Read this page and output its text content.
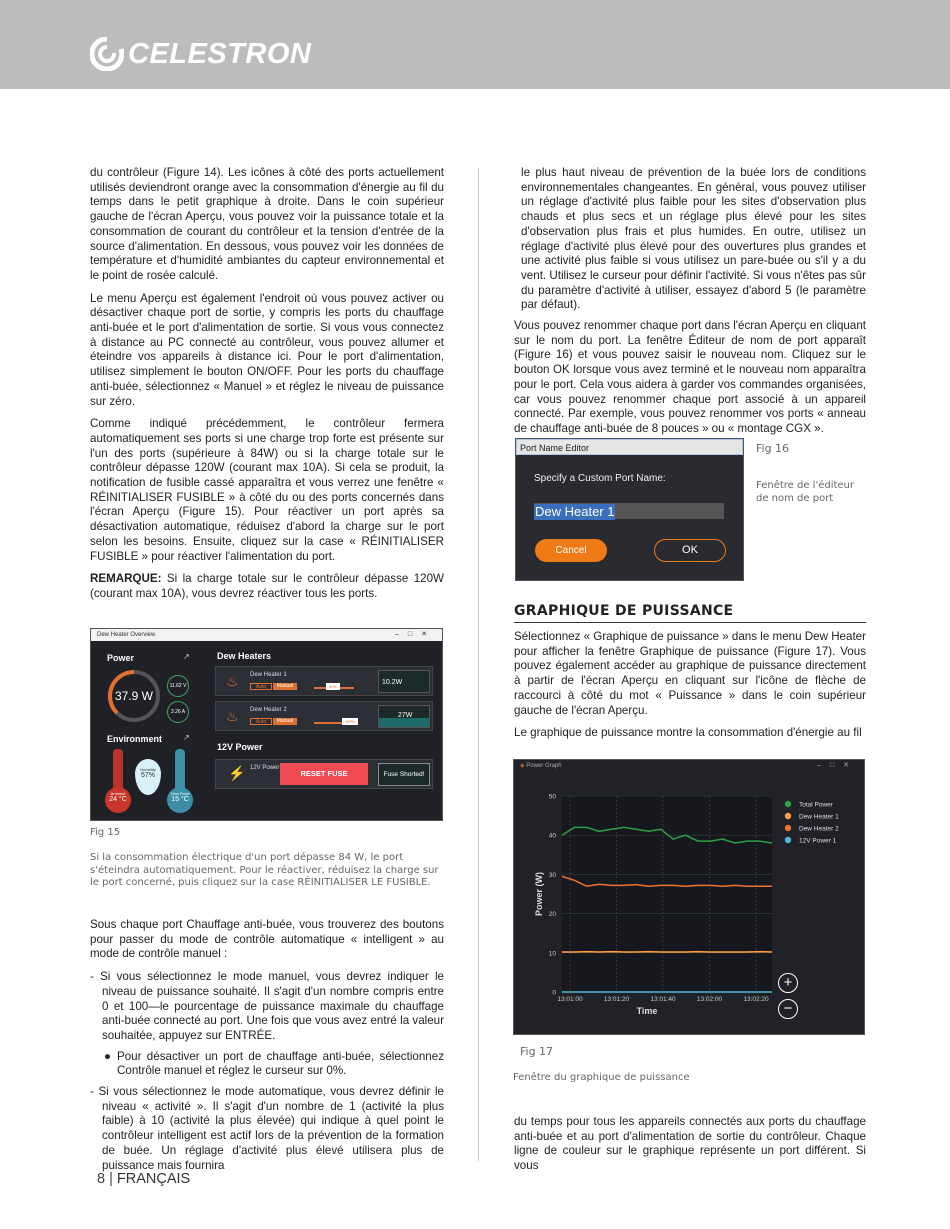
CELESTRON

du contrôleur (Figure 14). Les icônes à côté des ports actuellement utilisés deviendront orange avec la consommation d'énergie au fil du temps dans le petit graphique à droite. Dans le coin supérieur gauche de l'écran Aperçu, vous pouvez voir la puissance totale et la consommation de courant du contrôleur et la tension d'entrée de la source d'alimentation. En dessous, vous pouvez voir les données de température et d'humidité ambiantes du capteur environnemental et le point de rosée calculé.

Le menu Aperçu est également l'endroit où vous pouvez activer ou désactiver chaque port de sortie, y compris les ports du chauffage anti-buée et le port d'alimentation de sortie. Si vous vous connectez à distance au PC connecté au contrôleur, vous pouvez allumer et éteindre vos appareils à distance ici. Pour le port d'alimentation, utilisez simplement le bouton ON/OFF. Pour les ports du chauffage anti-buée, sélectionnez « Manuel » et réglez le niveau de puissance sur zéro.

Comme indiqué précédemment, le contrôleur fermera automatiquement ses ports si une charge trop forte est présente sur l'un des ports (supérieure à 84W) ou si la charge totale sur le contrôleur dépasse 120W (courant max 10A). Si cela se produit, la notification de fusible cassé apparaîtra et vous verrez une fenêtre « RÉINITIALISER FUSIBLE » à côté du ou des ports concernés dans l'écran Aperçu (Figure 15). Pour réactiver un port après sa désactivation automatique, réduisez d'abord la charge sur le port selon les besoins. Ensuite, cliquez sur la case « RÉINITIALISER FUSIBLE » pour réactiver l'alimentation du port.

REMARQUE: Si la charge totale sur le contrôleur dépasse 120W (courant max 10A), vous devrez réactiver tous les ports.

Dew Heater Overview	–□✕
Power	↗
37.9 W
11.62 V
3.26 A
Environment	↗
Ambient
24 °C
Humidity
57%
Dew Point
15 °C
Dew Heaters
♨ Dew Heater 1
Auto	Manual	30%
10.2W
♨ Dew Heater 2
Auto	Manual	100%
27W
12V Power
⚡ 12V Power
RESET FUSE	Fuse Shorted!
Fig 15
Si la consommation électrique d'un port dépasse 84 W, le port s'éteindra automatiquement. Pour le réactiver, réduisez la charge sur le port concerné, puis cliquez sur la case RÉINITIALISER LE FUSIBLE.

Sous chaque port Chauffage anti-buée, vous trouverez des boutons pour passer du mode de contrôle automatique « intelligent » au mode de contrôle manuel :

- Si vous sélectionnez le mode manuel, vous devrez indiquer le niveau de puissance souhaité. Il s'agit d'un nombre compris entre 0 et 100—le pourcentage de puissance maximale du chauffage anti-buée connecté au port. Une fois que vous avez entré la valeur souhaitée, appuyez sur ENTRÉE.

● Pour désactiver un port de chauffage anti-buée, sélectionnez Contrôle manuel et réglez le curseur sur 0%.

- Si vous sélectionnez le mode automatique, vous devrez définir le niveau « activité ». Il s'agit d'un nombre de 1 (activité la plus faible) à 10 (activité la plus élevée) qui indique à quel point le contrôleur intelligent est actif lors de la prévention de la formation de buée. Un réglage d'activité plus élevé utilisera plus de puissance mais fournira

le plus haut niveau de prévention de la buée lors de conditions environnementales changeantes. En général, vous pouvez utiliser un réglage d'activité plus faible pour les sites d'observation plus chauds et plus secs et un réglage plus élevé pour les sites d'observation plus frais et plus humides. En outre, utilisez un réglage d'activité plus élevé pour des ouvertures plus grandes et une activité plus faible si vous utilisez un pare-buée ou s'il y a du vent. Utilisez le curseur pour définir l'activité. Si vous n'êtes pas sûr du paramètre d'activité à utiliser, essayez d'abord 5 (le paramètre par défaut).

Vous pouvez renommer chaque port dans l'écran Aperçu en cliquant sur le nom du port. La fenêtre Éditeur de nom de port apparaît (Figure 16) et vous pouvez saisir le nouveau nom. Cliquez sur le bouton OK lorsque vous avez terminé et le nouveau nom apparaîtra pour le port. Cela vous aidera à garder vos commandes organisées, car vous pouvez renommer chaque port associé à un appareil connecté. Par exemple, vous pouvez renommer vos ports « anneau de chauffage anti-buée de 8 pouces » ou « montage CGX ».

Port Name Editor
Specify a Custom Port Name:
Dew Heater 1
Cancel	OK
Fig 16
Fenêtre de l'éditeur de nom de port
GRAPHIQUE DE PUISSANCE

Sélectionnez « Graphique de puissance » dans le menu Dew Heater pour afficher la fenêtre Graphique de puissance (Figure 17). Vous pouvez également accéder au graphique de puissance directement à partir de l'écran Aperçu en cliquant sur l'icône de flèche de raccourci à côté du mot « Puissance » dans le coin supérieur gauche de l'écran Aperçu.

Le graphique de puissance montre la consommation d'énergie au fil

◈ Power Graph	–□✕
50
40
30
20
10
0
13:01:00	13:01:20	13:01:40	13:02:00	13:02:20
Power (W)
Time
Total Power
Dew Heater 1
Dew Heater 2
12V Power 1
+
−
Fig 17
Fenêtre du graphique de puissance

du temps pour tous les appareils connectés aux ports du chauffage anti-buée et au port d'alimentation de sortie du contrôleur. Chaque ligne de couleur sur le graphique représente un port différent. Si vous

8 | FRANÇAIS
